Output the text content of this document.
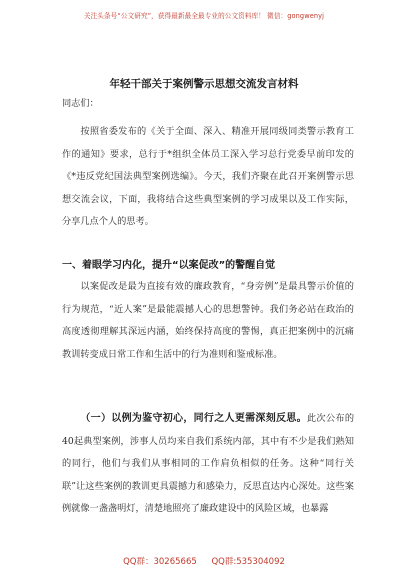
关注头条号“公文研究”，获得最新最全最专业的公文资料库！ 微信：gongwenyj
年轻干部关于案例警示思想交流发言材料
同志们：

按照省委发布的《关于全面、深入、精准开展同级同类警示教育工作的通知》要求，总行于*组织全体员工深入学习总行党委早前印发的《*违反党纪国法典型案例选编》。今天，我们齐聚在此召开案例警示思想交流会议，下面，我将结合这些典型案例的学习成果以及工作实际，分享几点个人的思考。

一、着眼学习内化，提升“以案促改”的警醒自觉

以案促改是最为直接有效的廉政教育，“身旁例”是最具警示价值的行为规范，“近人案”是最能震撼人心的思想警钟。我们务必站在政治的高度透彻理解其深远内涵，始终保持高度的警惕，真正把案例中的沉痛教训转变成日常工作和生活中的行为准则和鉴戒标准。

（一）以例为鉴守初心，同行之人更需深刻反思。此次公布的40起典型案例，涉事人员均来自我们系统内部，其中有不少是我们熟知的同行，他们与我们从事相同的工作肩负相似的任务。这种“同行关联”让这些案例的教训更具震撼力和感染力，反思直达内心深处。这些案例就像一盏盏明灯，清楚地照亮了廉政建设中的风险区域，也暴露

QQ群：30265665 QQ群:535304092
